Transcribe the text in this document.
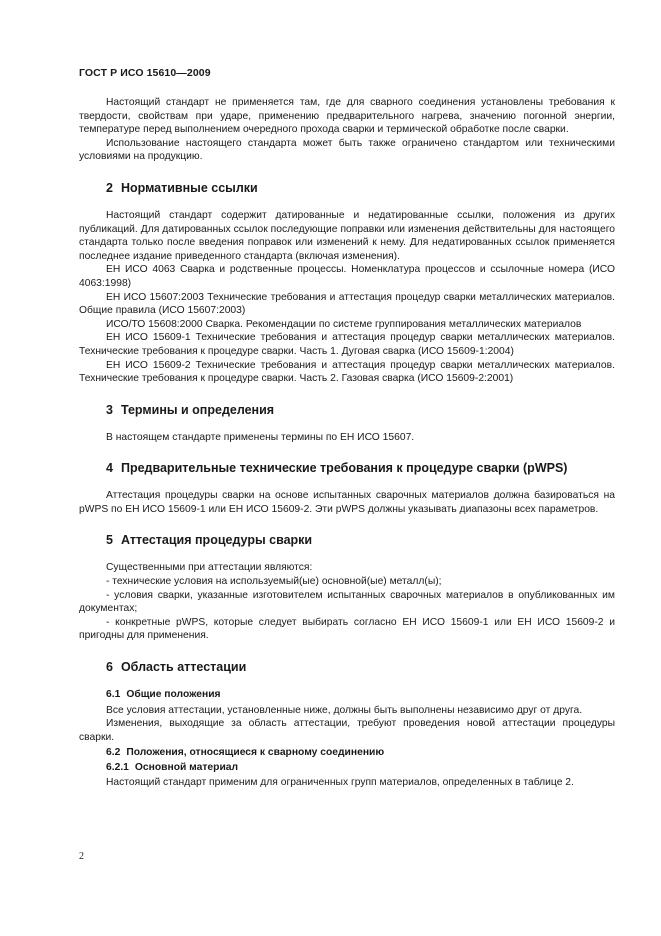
ГОСТ Р ИСО 15610—2009

Настоящий стандарт не применяется там, где для сварного соединения установлены требования к твердости, свойствам при ударе, применению предварительного нагрева, значению погонной энергии, температуре перед выполнением очередного прохода сварки и термической обработке после сварки.

Использование настоящего стандарта может быть также ограничено стандартом или техническими условиями на продукцию.

2 Нормативные ссылки

Настоящий стандарт содержит датированные и недатированные ссылки, положения из других публикаций. Для датированных ссылок последующие поправки или изменения действительны для настоящего стандарта только после введения поправок или изменений к нему. Для недатированных ссылок применяется последнее издание приведенного стандарта (включая изменения).

ЕН ИСО 4063 Сварка и родственные процессы. Номенклатура процессов и ссылочные номера (ИСО 4063:1998)

ЕН ИСО 15607:2003 Технические требования и аттестация процедур сварки металлических материалов. Общие правила (ИСО 15607:2003)

ИСО/ТО 15608:2000 Сварка. Рекомендации по системе группирования металлических материалов

ЕН ИСО 15609-1 Технические требования и аттестация процедур сварки металлических материалов. Технические требования к процедуре сварки. Часть 1. Дуговая сварка (ИСО 15609-1:2004)

ЕН ИСО 15609-2 Технические требования и аттестация процедур сварки металлических материалов. Технические требования к процедуре сварки. Часть 2. Газовая сварка (ИСО 15609-2:2001)

3 Термины и определения

В настоящем стандарте применены термины по ЕН ИСО 15607.

4 Предварительные технические требования к процедуре сварки (pWPS)

Аттестация процедуры сварки на основе испытанных сварочных материалов должна базироваться на pWPS по ЕН ИСО 15609-1 или ЕН ИСО 15609-2. Эти pWPS должны указывать диапазоны всех параметров.

5 Аттестация процедуры сварки

Существенными при аттестации являются:

- технические условия на используемый(ые) основной(ые) металл(ы);

- условия сварки, указанные изготовителем испытанных сварочных материалов в опубликованных им документах;

- конкретные pWPS, которые следует выбирать согласно ЕН ИСО 15609-1 или ЕН ИСО 15609-2 и пригодны для применения.

6 Область аттестации
6.1 Общие положения

Все условия аттестации, установленные ниже, должны быть выполнены независимо друг от друга.

Изменения, выходящие за область аттестации, требуют проведения новой аттестации процедуры сварки.

6.2 Положения, относящиеся к сварному соединению
6.2.1 Основной материал

Настоящий стандарт применим для ограниченных групп материалов, определенных в таблице 2.

2
